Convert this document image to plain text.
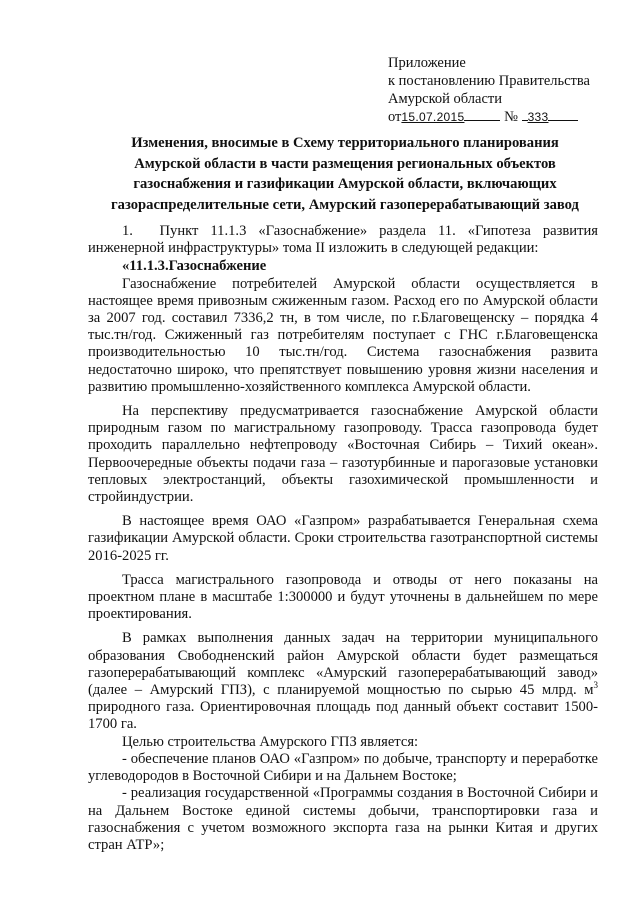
Приложение
к постановлению Правительства
Амурской области
от15.07.2015	№ 333
Изменения, вносимые в Схему территориального планирования Амурской области в части размещения региональных объектов газоснабжения и газификации Амурской области, включающих газораспределительные сети, Амурский газоперерабатывающий завод

1.  Пункт 11.1.3 «Газоснабжение» раздела 11. «Гипотеза развития инженерной инфраструктуры» тома II изложить в следующей редакции:

«11.1.3.Газоснабжение

Газоснабжение потребителей Амурской области осуществляется в настоящее время привозным сжиженным газом. Расход его по Амурской области за 2007 год. составил 7336,2 тн, в том числе, по г.Благовещенску – порядка 4 тыс.тн/год. Сжиженный газ потребителям поступает с ГНС г.Благовещенска производительностью 10 тыс.тн/год. Система газоснабжения развита недостаточно широко, что препятствует повышению уровня жизни населения и развитию промышленно-хозяйственного комплекса Амурской области.

На перспективу предусматривается газоснабжение Амурской области природным газом по магистральному газопроводу. Трасса газопровода будет проходить параллельно нефтепроводу «Восточная Сибирь – Тихий океан». Первоочередные объекты подачи газа – газотурбинные и парогазовые установки тепловых электростанций, объекты газохимической промышленности и стройиндустрии.

В настоящее время ОАО «Газпром» разрабатывается Генеральная схема газификации Амурской области. Сроки строительства газотранспортной системы 2016-2025 гг.

Трасса магистрального газопровода и отводы от него показаны на проектном плане в масштабе 1:300000 и будут уточнены в дальнейшем по мере проектирования.

В рамках выполнения данных задач на территории муниципального образования Свободненский район Амурской области будет размещаться газоперерабатывающий комплекс «Амурский газоперерабатывающий завод» (далее – Амурский ГПЗ), с планируемой мощностью по сырью 45 млрд. $м^3$ природного газа. Ориентировочная площадь под данный объект составит 1500-1700 га.

Целью строительства Амурского ГПЗ является:

- обеспечение планов ОАО «Газпром» по добыче, транспорту и переработке углеводородов в Восточной Сибири и на Дальнем Востоке;

- реализация государственной «Программы создания в Восточной Сибири и на Дальнем Востоке единой системы добычи, транспортировки газа и газоснабжения с учетом возможного экспорта газа на рынки Китая и других стран АТР»;
